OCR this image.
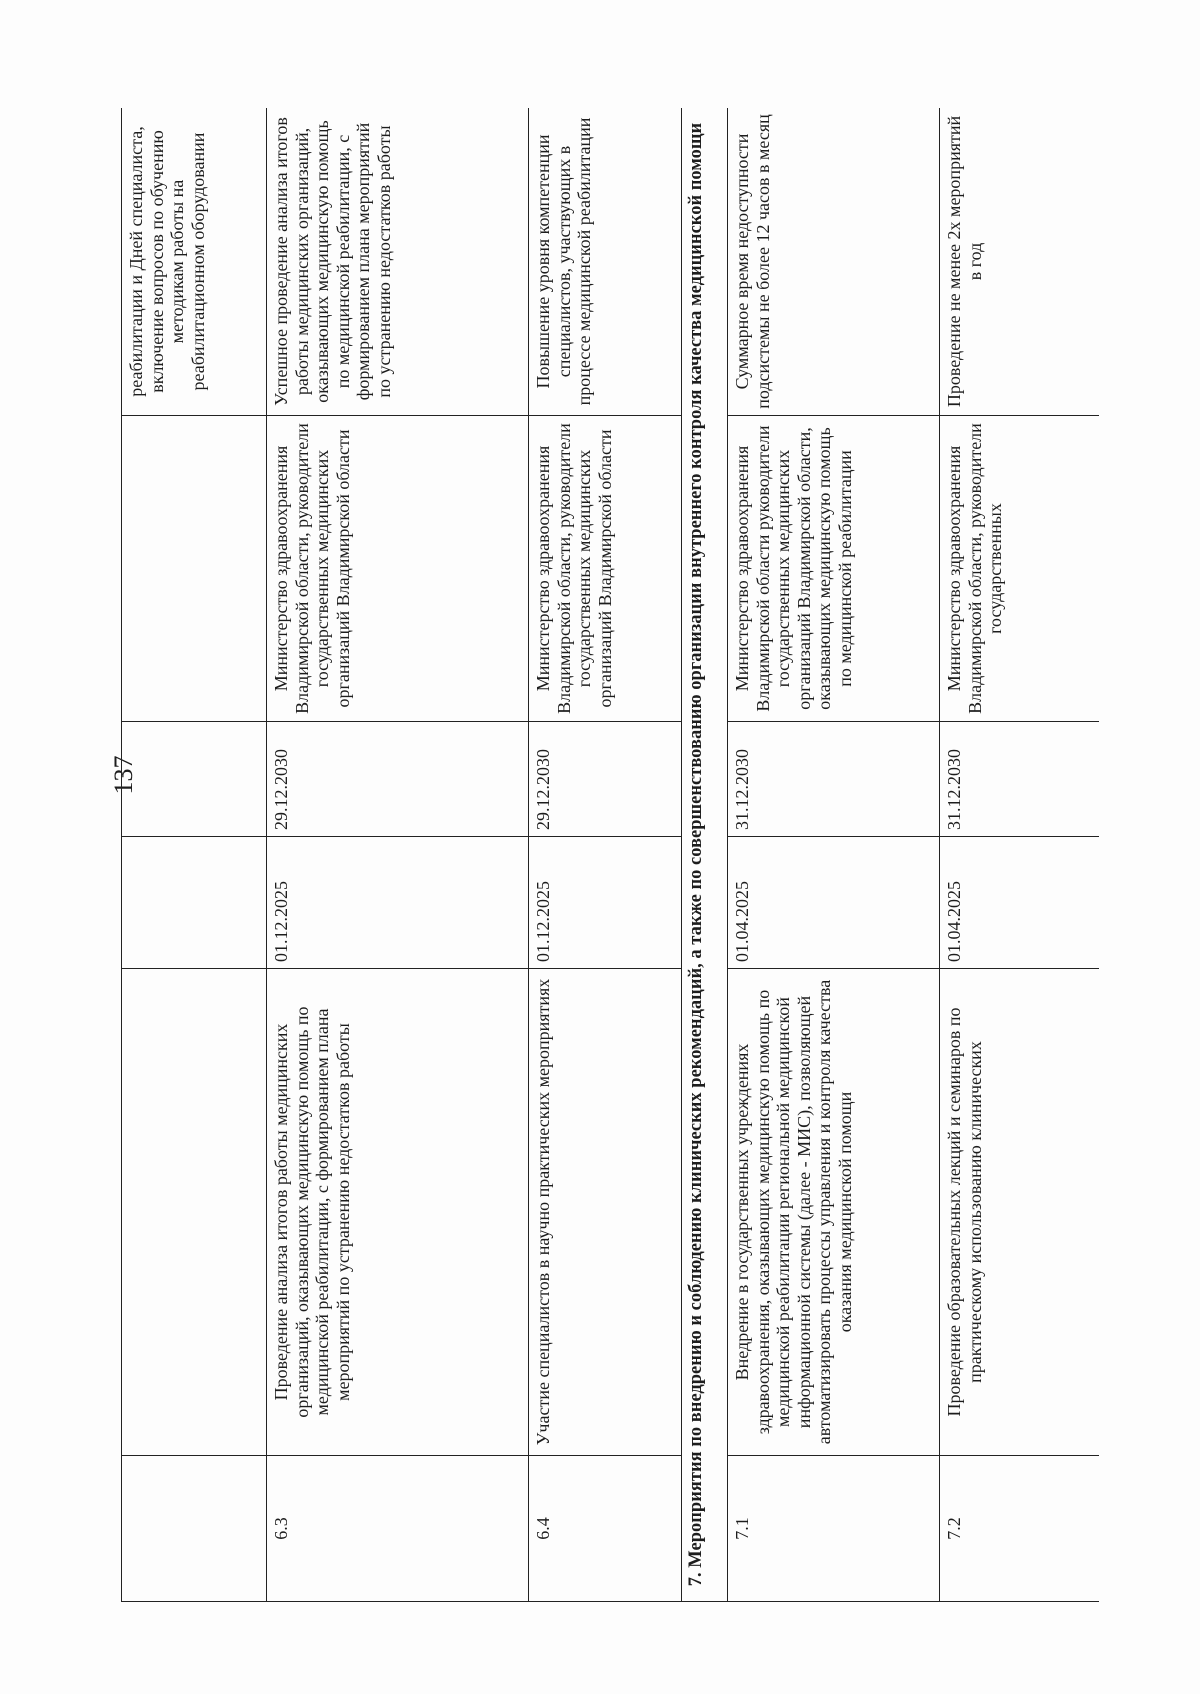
137

					реабилитации и Дней специалиста, включение вопросов по обучению методикам работы на реабилитационном оборудовании

6.3	Проведение анализа итогов работы медицинских организаций, оказывающих медицинскую помощь по медицинской реабилитации, с формированием плана мероприятий по устранению недостатков работы	01.12.2025	29.12.2030	Министерство здравоохранения Владимирской области, руководители государственных медицинских организаций Владимирской области	Успешное проведение анализа итогов работы медицинских организаций, оказывающих медицинскую помощь по медицинской реабилитации, с формированием плана мероприятий по устранению недостатков работы

6.4	Участие специалистов в научно практических мероприятиях	01.12.2025	29.12.2030	Министерство здравоохранения Владимирской области, руководители государственных медицинских организаций Владимирской области	Повышение уровня компетенции специалистов, участвующих в процессе медицинской реабилитации

7. Мероприятия по внедрению и соблюдению клинических рекомендаций, а также по совершенствованию организации внутреннего контроля качества медицинской помощи					

7.1	Внедрение в государственных учреждениях здравоохранения, оказывающих медицинскую помощь по медицинской реабилитации региональной медицинской информационной системы (далее - МИС), позволяющей автоматизировать процессы управления и контроля качества оказания медицинской помощи	01.04.2025	31.12.2030	Министерство здравоохранения Владимирской области руководители государственных медицинских организаций Владимирской области, оказывающих медицинскую помощь по медицинской реабилитации	Суммарное время недоступности подсистемы не более 12 часов в месяц

7.2	Проведение образовательных лекций и семинаров по практическому использованию клинических	01.04.2025	31.12.2030	Министерство здравоохранения Владимирской области, руководители государственных	Проведение не менее 2х мероприятий в год
